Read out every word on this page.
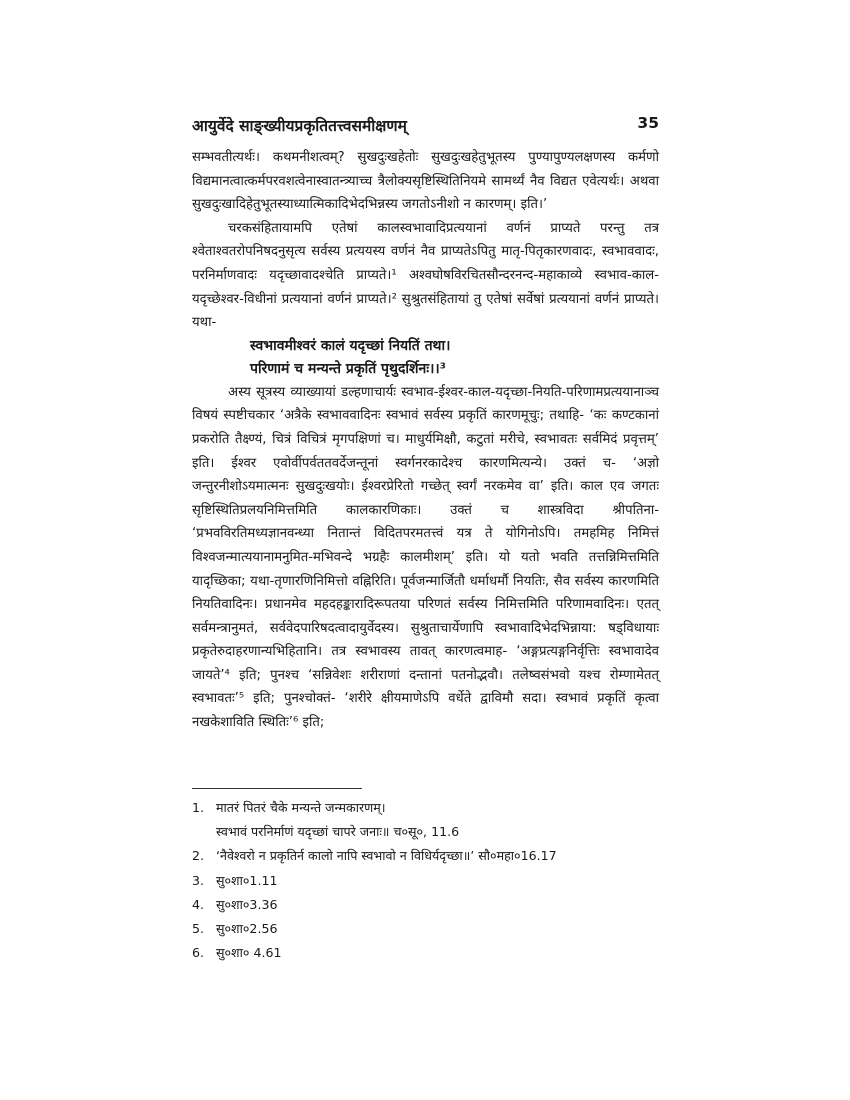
आयुर्वेदे साङ्ख्यीयप्रकृतितत्त्वसमीक्षणम्	35

सम्भवतीत्यर्थः। कथमनीशत्वम्? सुखदुःखहेतोः सुखदुःखहेतुभूतस्य पुण्यापुण्यलक्षणस्य कर्मणो विद्यमानत्वात्कर्मपरवशत्वेनास्वातन्त्र्याच्च त्रैलोक्यसृष्टिस्थितिनियमे सामर्थ्यं नैव विद्यत एवेत्यर्थः। अथवा सुखदुःखादिहेतुभूतस्याध्यात्मिकादिभेदभिन्नस्य जगतोऽनीशो न कारणम्। इति।’

चरकसंहितायामपि एतेषां कालस्वभावादिप्रत्ययानां वर्णनं प्राप्यते परन्तु तत्र श्वेताश्वतरोपनिषदनुसृत्य सर्वस्य प्रत्ययस्य वर्णनं नैव प्राप्यतेऽपितु मातृ-पितृकारणवादः, स्वभाववादः, परनिर्माणवादः यदृच्छावादश्चेति प्राप्यते।¹ अश्वघोषविरचितसौन्दरनन्द-महाकाव्ये स्वभाव-काल-यदृच्छेश्वर-विधीनां प्रत्ययानां वर्णनं प्राप्यते।² सुश्रुतसंहितायां तु एतेषां सर्वेषां प्रत्ययानां वर्णनं प्राप्यते। यथा-

स्वभावमीश्वरं कालं यदृच्छां नियतिं तथा।
परिणामं च मन्यन्ते प्रकृतिं पृथुदर्शिनः।।³

अस्य सूत्रस्य व्याख्यायां डल्हणाचार्यः स्वभाव-ईश्वर-काल-यदृच्छा-नियति-परिणामप्रत्ययानाञ्च विषयं स्पष्टीचकार ‘अत्रैके स्वभाववादिनः स्वभावं सर्वस्य प्रकृतिं कारणमूचुः; तथाहि- ‘कः कण्टकानां प्रकरोति तैक्ष्ण्यं, चित्रं विचित्रं मृगपक्षिणां च। माधुर्यमिक्षौ, कटुतां मरीचे, स्वभावतः सर्वमिदं प्रवृत्तम्’ इति। ईश्वर एवोर्वीपर्वततवर्देजन्तूनां स्वर्गनरकादेश्च कारणमित्यन्ये। उक्तं च- ‘अज्ञो जन्तुरनीशोऽयमात्मनः सुखदुःखयोः। ईश्वरप्रेरितो गच्छेत् स्वर्गं नरकमेव वा’ इति। काल एव जगतः सृष्टिस्थितिप्रलयनिमित्तमिति कालकारणिकाः। उक्तं च शास्त्रविदा श्रीपतिना- ‘प्रभवविरतिमध्यज्ञानवन्ध्या नितान्तं विदितपरमतत्त्वं यत्र ते योगिनोऽपि। तमहमिह निमित्तं विश्वजन्मात्ययानामनुमित-मभिवन्दे भग्रहैः कालमीशम्’ इति। यो यतो भवति तत्तन्निमित्तमिति यादृच्छिका; यथा-तृणारणिनिमित्तो वह्निरिति। पूर्वजन्मार्जितौ धर्माधर्मौ नियतिः, सैव सर्वस्य कारणमिति नियतिवादिनः। प्रधानमेव महदहङ्कारादिरूपतया परिणतं सर्वस्य निमित्तमिति परिणामवादिनः। एतत् सर्वमन्त्रानुमतं, सर्ववेदपारिषदत्वादायुर्वेदस्य। सुश्रुताचार्येणापि स्वभावादिभेदभिन्नाया: षड्विधायाः प्रकृतेरुदाहरणान्यभिहितानि। तत्र स्वभावस्य तावत् कारणत्वमाह- ‘अङ्गप्रत्यङ्गनिर्वृत्तिः स्वभावादेव जायते’⁴ इति; पुनश्च ‘सन्निवेशः शरीराणां दन्तानां पतनोद्भवौ। तलेष्वसंभवो यश्च रोम्णामेतत् स्वभावतः’⁵ इति; पुनश्चोक्तं- ‘शरीरे क्षीयमाणेऽपि वर्धेते द्वाविमौ सदा। स्वभावं प्रकृतिं कृत्वा नखकेशाविति स्थितिः’⁶ इति;

1. मातरं पितरं चैके मन्यन्ते जन्मकारणम्।
स्वभावं परनिर्माणं यदृच्छां चापरे जनाः॥ च०सू०, 11.6
2. ‘नैवेश्वरो न प्रकृतिर्न कालो नापि स्वभावो न विधिर्यदृच्छा॥’ सौ०महा०16.17
3. सु०शा०1.11
4. सु०शा०3.36
5. सु०शा०2.56
6. सु०शा० 4.61
